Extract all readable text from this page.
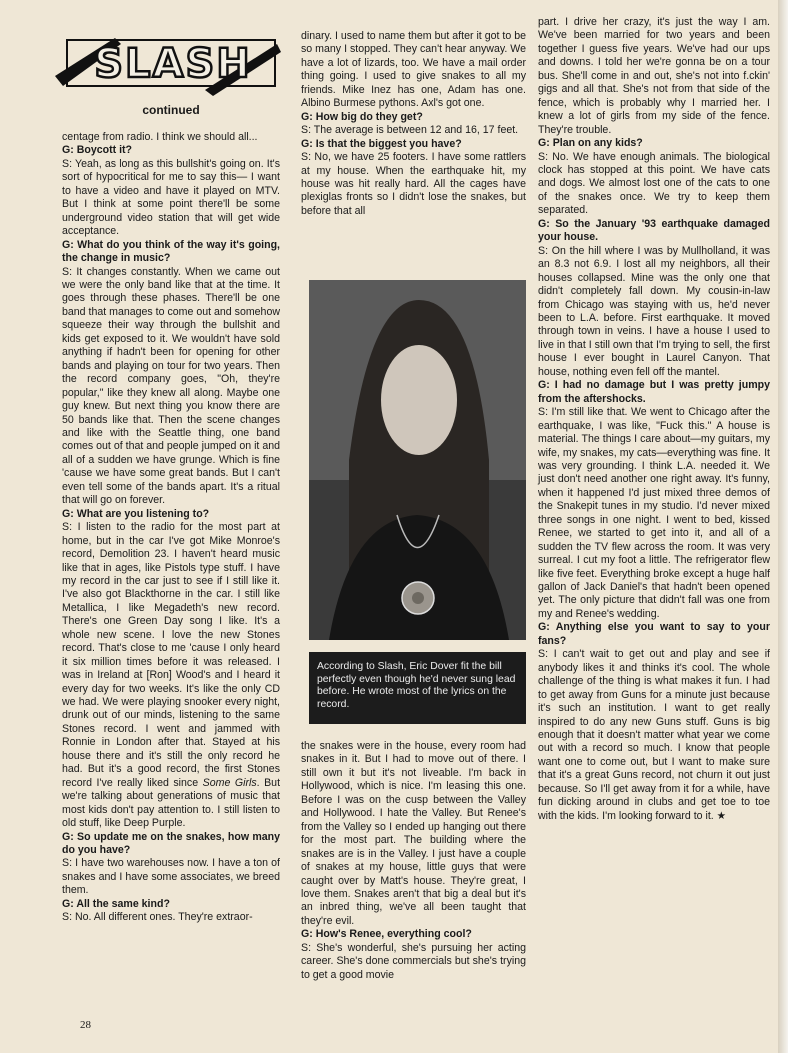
SLASH
continued

centage from radio. I think we should all...

G: Boycott it?

S: Yeah, as long as this bullshit's going on. It's sort of hypocritical for me to say this— I want to have a video and have it played on MTV. But I think at some point there'll be some underground video station that will get wide acceptance.

G: What do you think of the way it's going, the change in music?

S: It changes constantly. When we came out we were the only band like that at the time. It goes through these phases. There'll be one band that manages to come out and somehow squeeze their way through the bullshit and kids get exposed to it. We wouldn't have sold anything if hadn't been for opening for other bands and playing on tour for two years. Then the record company goes, "Oh, they're popular," like they knew all along. Maybe one guy knew. But next thing you know there are 50 bands like that. Then the scene changes and like with the Seattle thing, one band comes out of that and people jumped on it and all of a sudden we have grunge. Which is fine 'cause we have some great bands. But I can't even tell some of the bands apart. It's a ritual that will go on forever.

G: What are you listening to?

S: I listen to the radio for the most part at home, but in the car I've got Mike Monroe's record, Demolition 23. I haven't heard music like that in ages, like Pistols type stuff. I have my record in the car just to see if I still like it. I've also got Blackthorne in the car. I still like Metallica, I like Megadeth's new record. There's one Green Day song I like. It's a whole new scene. I love the new Stones record. That's close to me 'cause I only heard it six million times before it was released. I was in Ireland at [Ron] Wood's and I heard it every day for two weeks. It's like the only CD we had. We were playing snooker every night, drunk out of our minds, listening to the same Stones record. I went and jammed with Ronnie in London after that. Stayed at his house there and it's still the only record he had. But it's a good record, the first Stones record I've really liked since Some Girls. But we're talking about generations of music that most kids don't pay attention to. I still listen to old stuff, like Deep Purple.

G: So update me on the snakes, how many do you have?

S: I have two warehouses now. I have a ton of snakes and I have some associates, we breed them.

G: All the same kind?

S: No. All different ones. They're extraor-

dinary. I used to name them but after it got to be so many I stopped. They can't hear anyway. We have a lot of lizards, too. We have a mail order thing going. I used to give snakes to all my friends. Mike Inez has one, Adam has one. Albino Burmese pythons. Axl's got one.

G: How big do they get?

S: The average is between 12 and 16, 17 feet.

G: Is that the biggest you have?

S: No, we have 25 footers. I have some rattlers at my house. When the earthquake hit, my house was hit really hard. All the cages have plexiglas fronts so I didn't lose the snakes, but before that all

According to Slash, Eric Dover fit the bill perfectly even though he'd never sung lead before. He wrote most of the lyrics on the record.

the snakes were in the house, every room had snakes in it. But I had to move out of there. I still own it but it's not liveable. I'm back in Hollywood, which is nice. I'm leasing this one. Before I was on the cusp between the Valley and Hollywood. I hate the Valley. But Renee's from the Valley so I ended up hanging out there for the most part. The building where the snakes are is in the Valley. I just have a couple of snakes at my house, little guys that were caught over by Matt's house. They're great, I love them. Snakes aren't that big a deal but it's an inbred thing, we've all been taught that they're evil.

G: How's Renee, everything cool?

S: She's wonderful, she's pursuing her acting career. She's done commercials but she's trying to get a good movie

part. I drive her crazy, it's just the way I am. We've been married for two years and been together I guess five years. We've had our ups and downs. I told her we're gonna be on a tour bus. She'll come in and out, she's not into f.ckin' gigs and all that. She's not from that side of the fence, which is probably why I married her. I knew a lot of girls from my side of the fence. They're trouble.

G: Plan on any kids?

S: No. We have enough animals. The biological clock has stopped at this point. We have cats and dogs. We almost lost one of the cats to one of the snakes once. We try to keep them separated.

G: So the January '93 earthquake damaged your house.

S: On the hill where I was by Mullholland, it was an 8.3 not 6.9. I lost all my neighbors, all their houses collapsed. Mine was the only one that didn't completely fall down. My cousin-in-law from Chicago was staying with us, he'd never been to L.A. before. First earthquake. It moved through town in veins. I have a house I used to live in that I still own that I'm trying to sell, the first house I ever bought in Laurel Canyon. That house, nothing even fell off the mantel.

G: I had no damage but I was pretty jumpy from the aftershocks.

S: I'm still like that. We went to Chicago after the earthquake, I was like, "Fuck this." A house is material. The things I care about—my guitars, my wife, my snakes, my cats—everything was fine. It was very grounding. I think L.A. needed it. We just don't need another one right away. It's funny, when it happened I'd just mixed three demos of the Snakepit tunes in my studio. I'd never mixed three songs in one night. I went to bed, kissed Renee, we started to get into it, and all of a sudden the TV flew across the room. It was very surreal. I cut my foot a little. The refrigerator flew like five feet. Everything broke except a huge half gallon of Jack Daniel's that hadn't been opened yet. The only picture that didn't fall was one from my and Renee's wedding.

G: Anything else you want to say to your fans?

S: I can't wait to get out and play and see if anybody likes it and thinks it's cool. The whole challenge of the thing is what makes it fun. I had to get away from Guns for a minute just because it's such an institution. I want to get really inspired to do any new Guns stuff. Guns is big enough that it doesn't matter what year we come out with a record so much. I know that people want one to come out, but I want to make sure that it's a great Guns record, not churn it out just because. So I'll get away from it for a while, have fun dicking around in clubs and get toe to toe with the kids. I'm looking forward to it. ★

28
